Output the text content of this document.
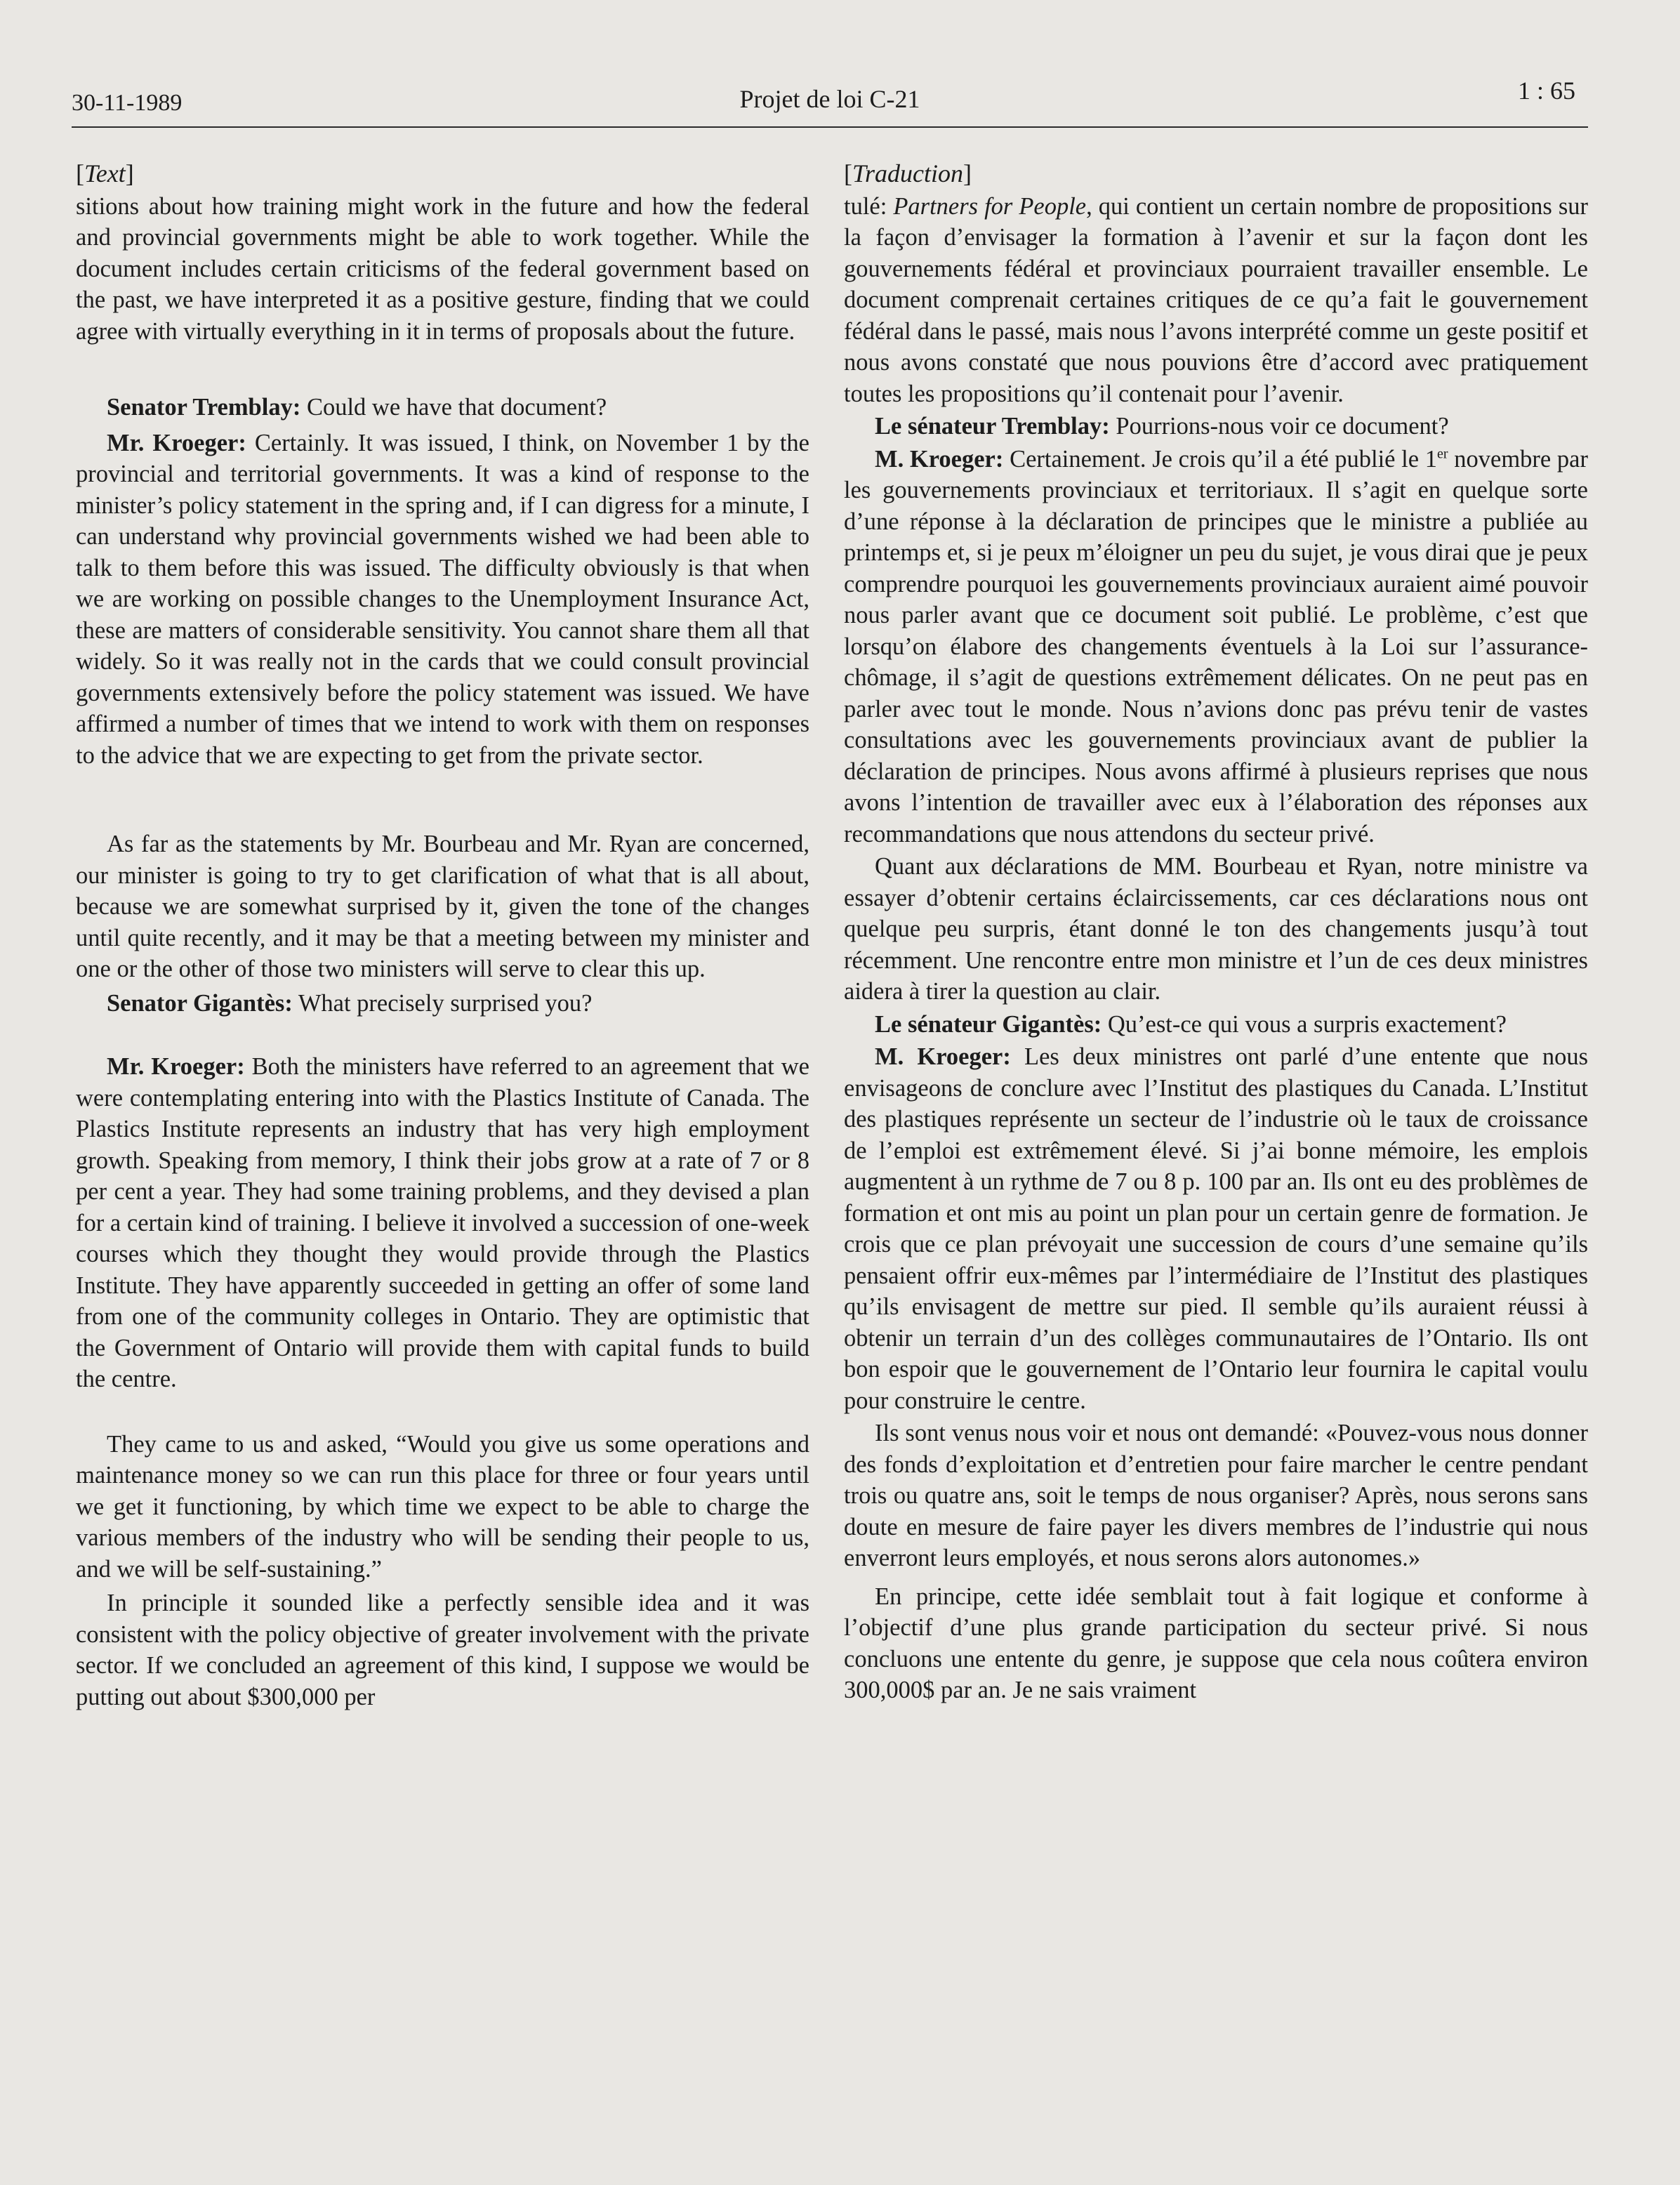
30-11-1989	Projet de loi C-21	1 : 65
[Text]

sitions about how training might work in the future and how the federal and provincial governments might be able to work together. While the document includes certain criticisms of the federal government based on the past, we have interpreted it as a positive gesture, finding that we could agree with virtually everything in it in terms of proposals about the future.

Senator Tremblay: Could we have that document?

Mr. Kroeger: Certainly. It was issued, I think, on November 1 by the provincial and territorial governments. It was a kind of response to the minister’s policy statement in the spring and, if I can digress for a minute, I can understand why provincial governments wished we had been able to talk to them before this was issued. The difficulty obviously is that when we are working on possible changes to the Unemployment Insurance Act, these are matters of considerable sensitivity. You cannot share them all that widely. So it was really not in the cards that we could consult provincial governments extensively before the policy statement was issued. We have affirmed a number of times that we intend to work with them on responses to the advice that we are expecting to get from the private sector.

As far as the statements by Mr. Bourbeau and Mr. Ryan are concerned, our minister is going to try to get clarification of what that is all about, because we are somewhat surprised by it, given the tone of the changes until quite recently, and it may be that a meeting between my minister and one or the other of those two ministers will serve to clear this up.

Senator Gigantès: What precisely surprised you?

Mr. Kroeger: Both the ministers have referred to an agreement that we were contemplating entering into with the Plastics Institute of Canada. The Plastics Institute represents an industry that has very high employment growth. Speaking from memory, I think their jobs grow at a rate of 7 or 8 per cent a year. They had some training problems, and they devised a plan for a certain kind of training. I believe it involved a succession of one-week courses which they thought they would provide through the Plastics Institute. They have apparently succeeded in getting an offer of some land from one of the community colleges in Ontario. They are optimistic that the Government of Ontario will provide them with capital funds to build the centre.

They came to us and asked, “Would you give us some operations and maintenance money so we can run this place for three or four years until we get it functioning, by which time we expect to be able to charge the various members of the industry who will be sending their people to us, and we will be self-sustaining.”

In principle it sounded like a perfectly sensible idea and it was consistent with the policy objective of greater involvement with the private sector. If we concluded an agreement of this kind, I suppose we would be putting out about $300,000 per

[Traduction]

tulé: Partners for People, qui contient un certain nombre de propositions sur la façon d’envisager la formation à l’avenir et sur la façon dont les gouvernements fédéral et provinciaux pourraient travailler ensemble. Le document comprenait certaines critiques de ce qu’a fait le gouvernement fédéral dans le passé, mais nous l’avons interprété comme un geste positif et nous avons constaté que nous pouvions être d’accord avec pratiquement toutes les propositions qu’il contenait pour l’avenir.

Le sénateur Tremblay: Pourrions-nous voir ce document?

M. Kroeger: Certainement. Je crois qu’il a été publié le 1er novembre par les gouvernements provinciaux et territoriaux. Il s’agit en quelque sorte d’une réponse à la déclaration de principes que le ministre a publiée au printemps et, si je peux m’éloigner un peu du sujet, je vous dirai que je peux comprendre pourquoi les gouvernements provinciaux auraient aimé pouvoir nous parler avant que ce document soit publié. Le problème, c’est que lorsqu’on élabore des changements éventuels à la Loi sur l’assurance-chômage, il s’agit de questions extrêmement délicates. On ne peut pas en parler avec tout le monde. Nous n’avions donc pas prévu tenir de vastes consultations avec les gouvernements provinciaux avant de publier la déclaration de principes. Nous avons affirmé à plusieurs reprises que nous avons l’intention de travailler avec eux à l’élaboration des réponses aux recommandations que nous attendons du secteur privé.

Quant aux déclarations de MM. Bourbeau et Ryan, notre ministre va essayer d’obtenir certains éclaircissements, car ces déclarations nous ont quelque peu surpris, étant donné le ton des changements jusqu’à tout récemment. Une rencontre entre mon ministre et l’un de ces deux ministres aidera à tirer la question au clair.

Le sénateur Gigantès: Qu’est-ce qui vous a surpris exactement?

M. Kroeger: Les deux ministres ont parlé d’une entente que nous envisageons de conclure avec l’Institut des plastiques du Canada. L’Institut des plastiques représente un secteur de l’industrie où le taux de croissance de l’emploi est extrêmement élevé. Si j’ai bonne mémoire, les emplois augmentent à un rythme de 7 ou 8 p. 100 par an. Ils ont eu des problèmes de formation et ont mis au point un plan pour un certain genre de formation. Je crois que ce plan prévoyait une succession de cours d’une semaine qu’ils pensaient offrir eux-mêmes par l’intermédiaire de l’Institut des plastiques qu’ils envisagent de mettre sur pied. Il semble qu’ils auraient réussi à obtenir un terrain d’un des collèges communautaires de l’Ontario. Ils ont bon espoir que le gouvernement de l’Ontario leur fournira le capital voulu pour construire le centre.

Ils sont venus nous voir et nous ont demandé: «Pouvez-vous nous donner des fonds d’exploitation et d’entretien pour faire marcher le centre pendant trois ou quatre ans, soit le temps de nous organiser? Après, nous serons sans doute en mesure de faire payer les divers membres de l’industrie qui nous enverront leurs employés, et nous serons alors autonomes.»

En principe, cette idée semblait tout à fait logique et conforme à l’objectif d’une plus grande participation du secteur privé. Si nous concluons une entente du genre, je suppose que cela nous coûtera environ 300,000$ par an. Je ne sais vraiment
